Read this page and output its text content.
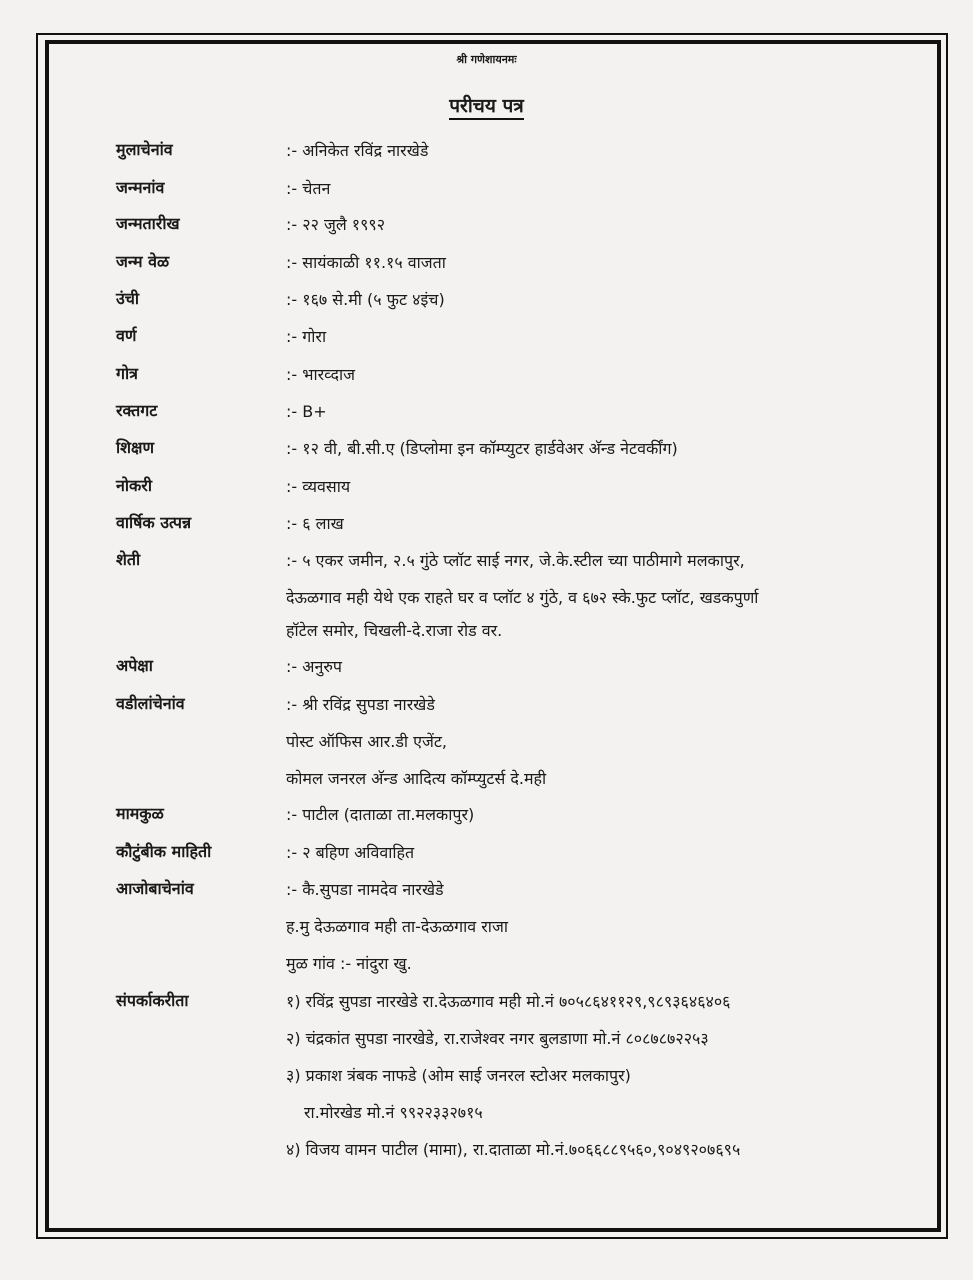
श्री गणेशायनमः
परीचय पत्र
मुलाचेनांव	:- अनिकेत रविंद्र नारखेडे
जन्मनांव	:- चेतन
जन्मतारीख	:- २२ जुलै १९९२
जन्म वेळ	:- सायंकाळी ११.१५ वाजता
उंची	:- १६७ से.मी (५ फुट ४इंच)
वर्ण	:- गोरा
गोत्र	:- भारव्दाज
रक्तगट	:- B+
शिक्षण	:- १२ वी, बी.सी.ए (डिप्लोमा इन कॉम्प्युटर हार्डवेअर अ‍ॅन्ड नेटवर्कींग)
नोकरी	:- व्यवसाय
वार्षिक उत्पन्न	:- ६ लाख
शेती	:- ५ एकर जमीन, २.५ गुंठे प्लॉट साई नगर, जे.के.स्टील च्या पाठीमागे मलकापुर,
देऊळगाव मही येथे एक राहते घर व प्लॉट ४ गुंठे, व ६७२ स्के.फुट प्लॉट, खडकपुर्णा
हॉटेल समोर, चिखली-दे.राजा रोड वर.
अपेक्षा	:- अनुरुप
वडीलांचेनांव	:- श्री रविंद्र सुपडा नारखेडे
पोस्ट ऑफिस आर.डी एजेंट,
कोमल जनरल अ‍ॅन्ड आदित्य कॉम्प्युटर्स दे.मही
मामकुळ	:- पाटील (दाताळा ता.मलकापुर)
कौटुंबीक माहिती	:- २ बहिण अविवाहित
आजोबाचेनांव	:- कै.सुपडा नामदेव नारखेडे
ह.मु देऊळगाव मही ता-देऊळगाव राजा
मुळ गांव :- नांदुरा खु.
संपर्काकरीता	१) रविंद्र सुपडा नारखेडे रा.देऊळगाव मही मो.नं ७०५८६४११२९,९८९३६४६४०६
२) चंद्रकांत सुपडा नारखेडे, रा.राजेश्वर नगर बुलडाणा मो.नं ८०८७८७२२५३
३) प्रकाश त्रंबक नाफडे (ओम साई जनरल स्टोअर मलकापुर)
रा.मोरखेड मो.नं ९९२२३३२७१५
४) विजय वामन पाटील (मामा), रा.दाताळा मो.नं.७०६६८८९५६०,९०४९२०७६९५
